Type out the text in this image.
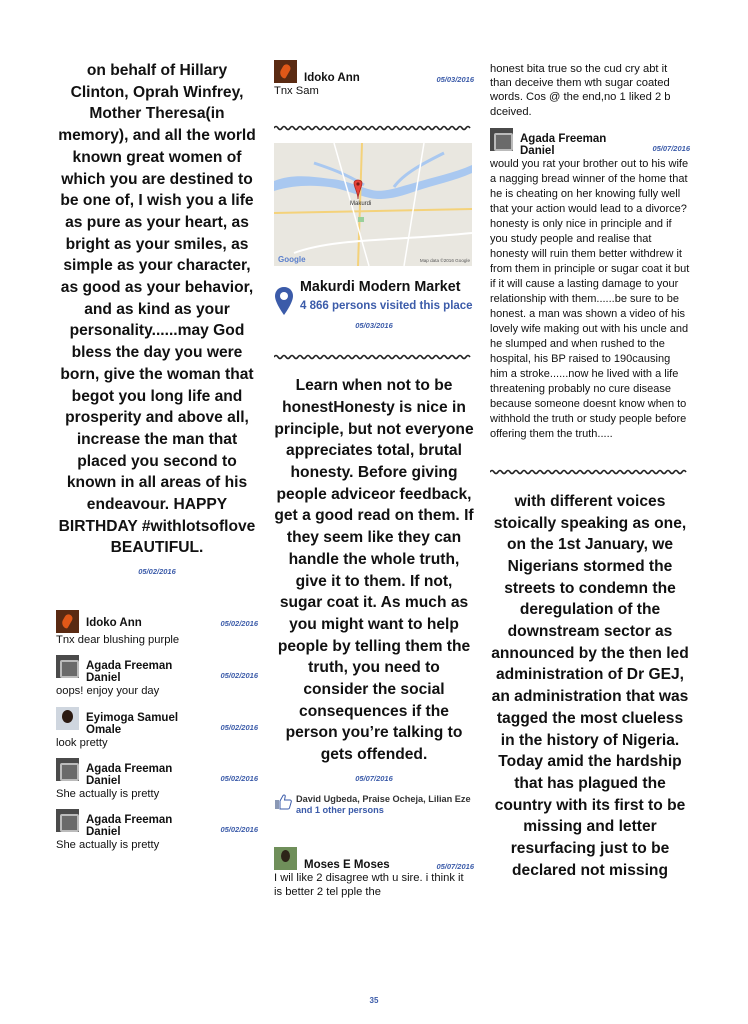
on behalf of Hillary Clinton, Oprah Winfrey, Mother Theresa(in memory), and all the world known great women of which you are destined to be one of, I wish you a life as pure as your heart, as bright as your smiles, as simple as your character, as good as your behavior, and as kind as your personality......may God bless the day you were born, give the woman that begot you long life and prosperity and above all, increase the man that placed you second to known in all areas of his endeavour. HAPPY BIRTHDAY #withlotsoflove BEAUTIFUL.
05/02/2016
Idoko Ann	05/02/2016
Tnx dear blushing purple
Agada Freeman Daniel	05/02/2016
oops! enjoy your day
Eyimoga Samuel Omale	05/02/2016
look pretty
Agada Freeman Daniel	05/02/2016
She actually is pretty
Agada Freeman Daniel	05/02/2016
She actually is pretty
Idoko Ann	05/03/2016
Tnx Sam
Makurdi
Google	Map data ©2016 Google
Makurdi Modern Market
4 866 persons visited this place
05/03/2016
Learn when not to be honestHonesty is nice in principle, but not everyone appreciates total, brutal honesty. Before giving people adviceor feedback, get a good read on them. If they seem like they can handle the whole truth, give it to them. If not, sugar coat it. As much as you might want to help people by telling them the truth, you need to consider the social consequences if the person you’re talking to gets offended.
05/07/2016
David Ugbeda, Praise Ocheja, Lilian Eze and 1 other persons
Moses E Moses	05/07/2016
I wil like 2 disagree wth u sire. i think it is better 2 tel pple the
honest bita true so the cud cry abt it than deceive them wth sugar coated words. Cos @ the end,no 1 liked 2 b dceived.
Agada Freeman Daniel	05/07/2016
would you rat your brother out to his wife a nagging bread winner of the home that he is cheating on her knowing fully well that your action would lead to a divorce? honesty is only nice in principle and if you study people and realise that honesty will ruin them better withdrew it from them in principle or sugar coat it but if it will cause a lasting damage to your relationship with them......be sure to be honest. a man was shown a video of his lovely wife making out with his uncle and he slumped and when rushed to the hospital, his BP raised to 190causing him a stroke......now he lived with a life threatening probably no cure disease because someone doesnt know when to withhold the truth or study people before offering them the truth.....
with different voices stoically speaking as one, on the 1st January, we Nigerians stormed the streets to condemn the deregulation of the downstream sector as announced by the then led administration of Dr GEJ, an administration that was tagged the most clueless in the history of Nigeria. Today amid the hardship that has plagued the country with its first to be missing and letter resurfacing just to be declared not missing
35
